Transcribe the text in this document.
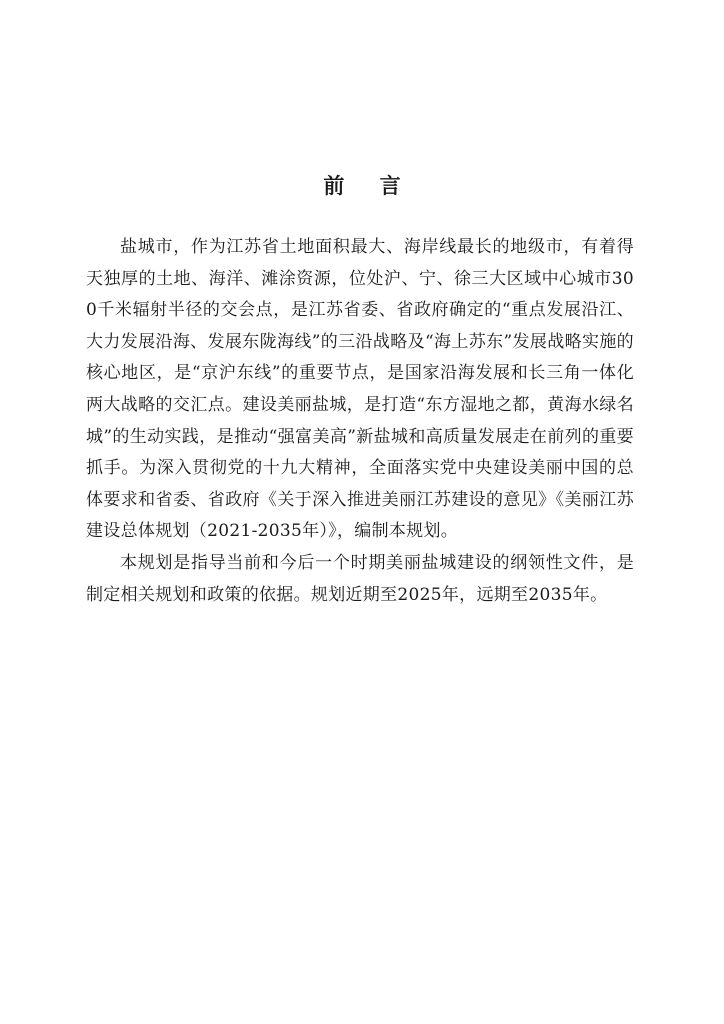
前 言

盐城市，作为江苏省土地面积最大、海岸线最长的地级市，有着得天独厚的土地、海洋、滩涂资源，位处沪、宁、徐三大区域中心城市300千米辐射半径的交会点，是江苏省委、省政府确定的“重点发展沿江、大力发展沿海、发展东陇海线”的三沿战略及“海上苏东”发展战略实施的核心地区，是“京沪东线”的重要节点，是国家沿海发展和长三角一体化两大战略的交汇点。建设美丽盐城，是打造“东方湿地之都，黄海水绿名城”的生动实践，是推动“强富美高”新盐城和高质量发展走在前列的重要抓手。为深入贯彻党的十九大精神，全面落实党中央建设美丽中国的总体要求和省委、省政府《关于深入推进美丽江苏建设的意见》《美丽江苏建设总体规划（2021-2035年）》，编制本规划。

本规划是指导当前和今后一个时期美丽盐城建设的纲领性文件，是制定相关规划和政策的依据。规划近期至2025年，远期至2035年。
